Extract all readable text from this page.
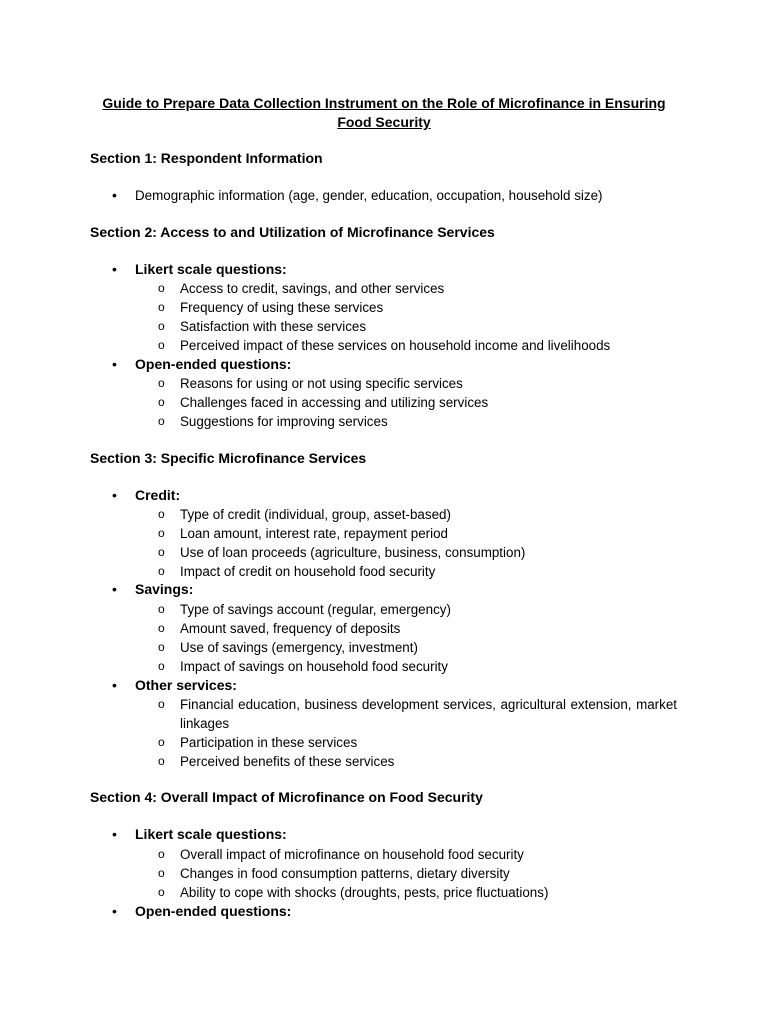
Guide to Prepare Data Collection Instrument on the Role of Microfinance in Ensuring Food Security
Section 1: Respondent Information
• Demographic information (age, gender, education, occupation, household size)
Section 2: Access to and Utilization of Microfinance Services
• Likert scale questions:
o Access to credit, savings, and other services
o Frequency of using these services
o Satisfaction with these services
o Perceived impact of these services on household income and livelihoods
• Open-ended questions:
o Reasons for using or not using specific services
o Challenges faced in accessing and utilizing services
o Suggestions for improving services
Section 3: Specific Microfinance Services
• Credit:
o Type of credit (individual, group, asset-based)
o Loan amount, interest rate, repayment period
o Use of loan proceeds (agriculture, business, consumption)
o Impact of credit on household food security
• Savings:
o Type of savings account (regular, emergency)
o Amount saved, frequency of deposits
o Use of savings (emergency, investment)
o Impact of savings on household food security
• Other services:
o Financial education, business development services, agricultural extension, market linkages
o Participation in these services
o Perceived benefits of these services
Section 4: Overall Impact of Microfinance on Food Security
• Likert scale questions:
o Overall impact of microfinance on household food security
o Changes in food consumption patterns, dietary diversity
o Ability to cope with shocks (droughts, pests, price fluctuations)
• Open-ended questions:
